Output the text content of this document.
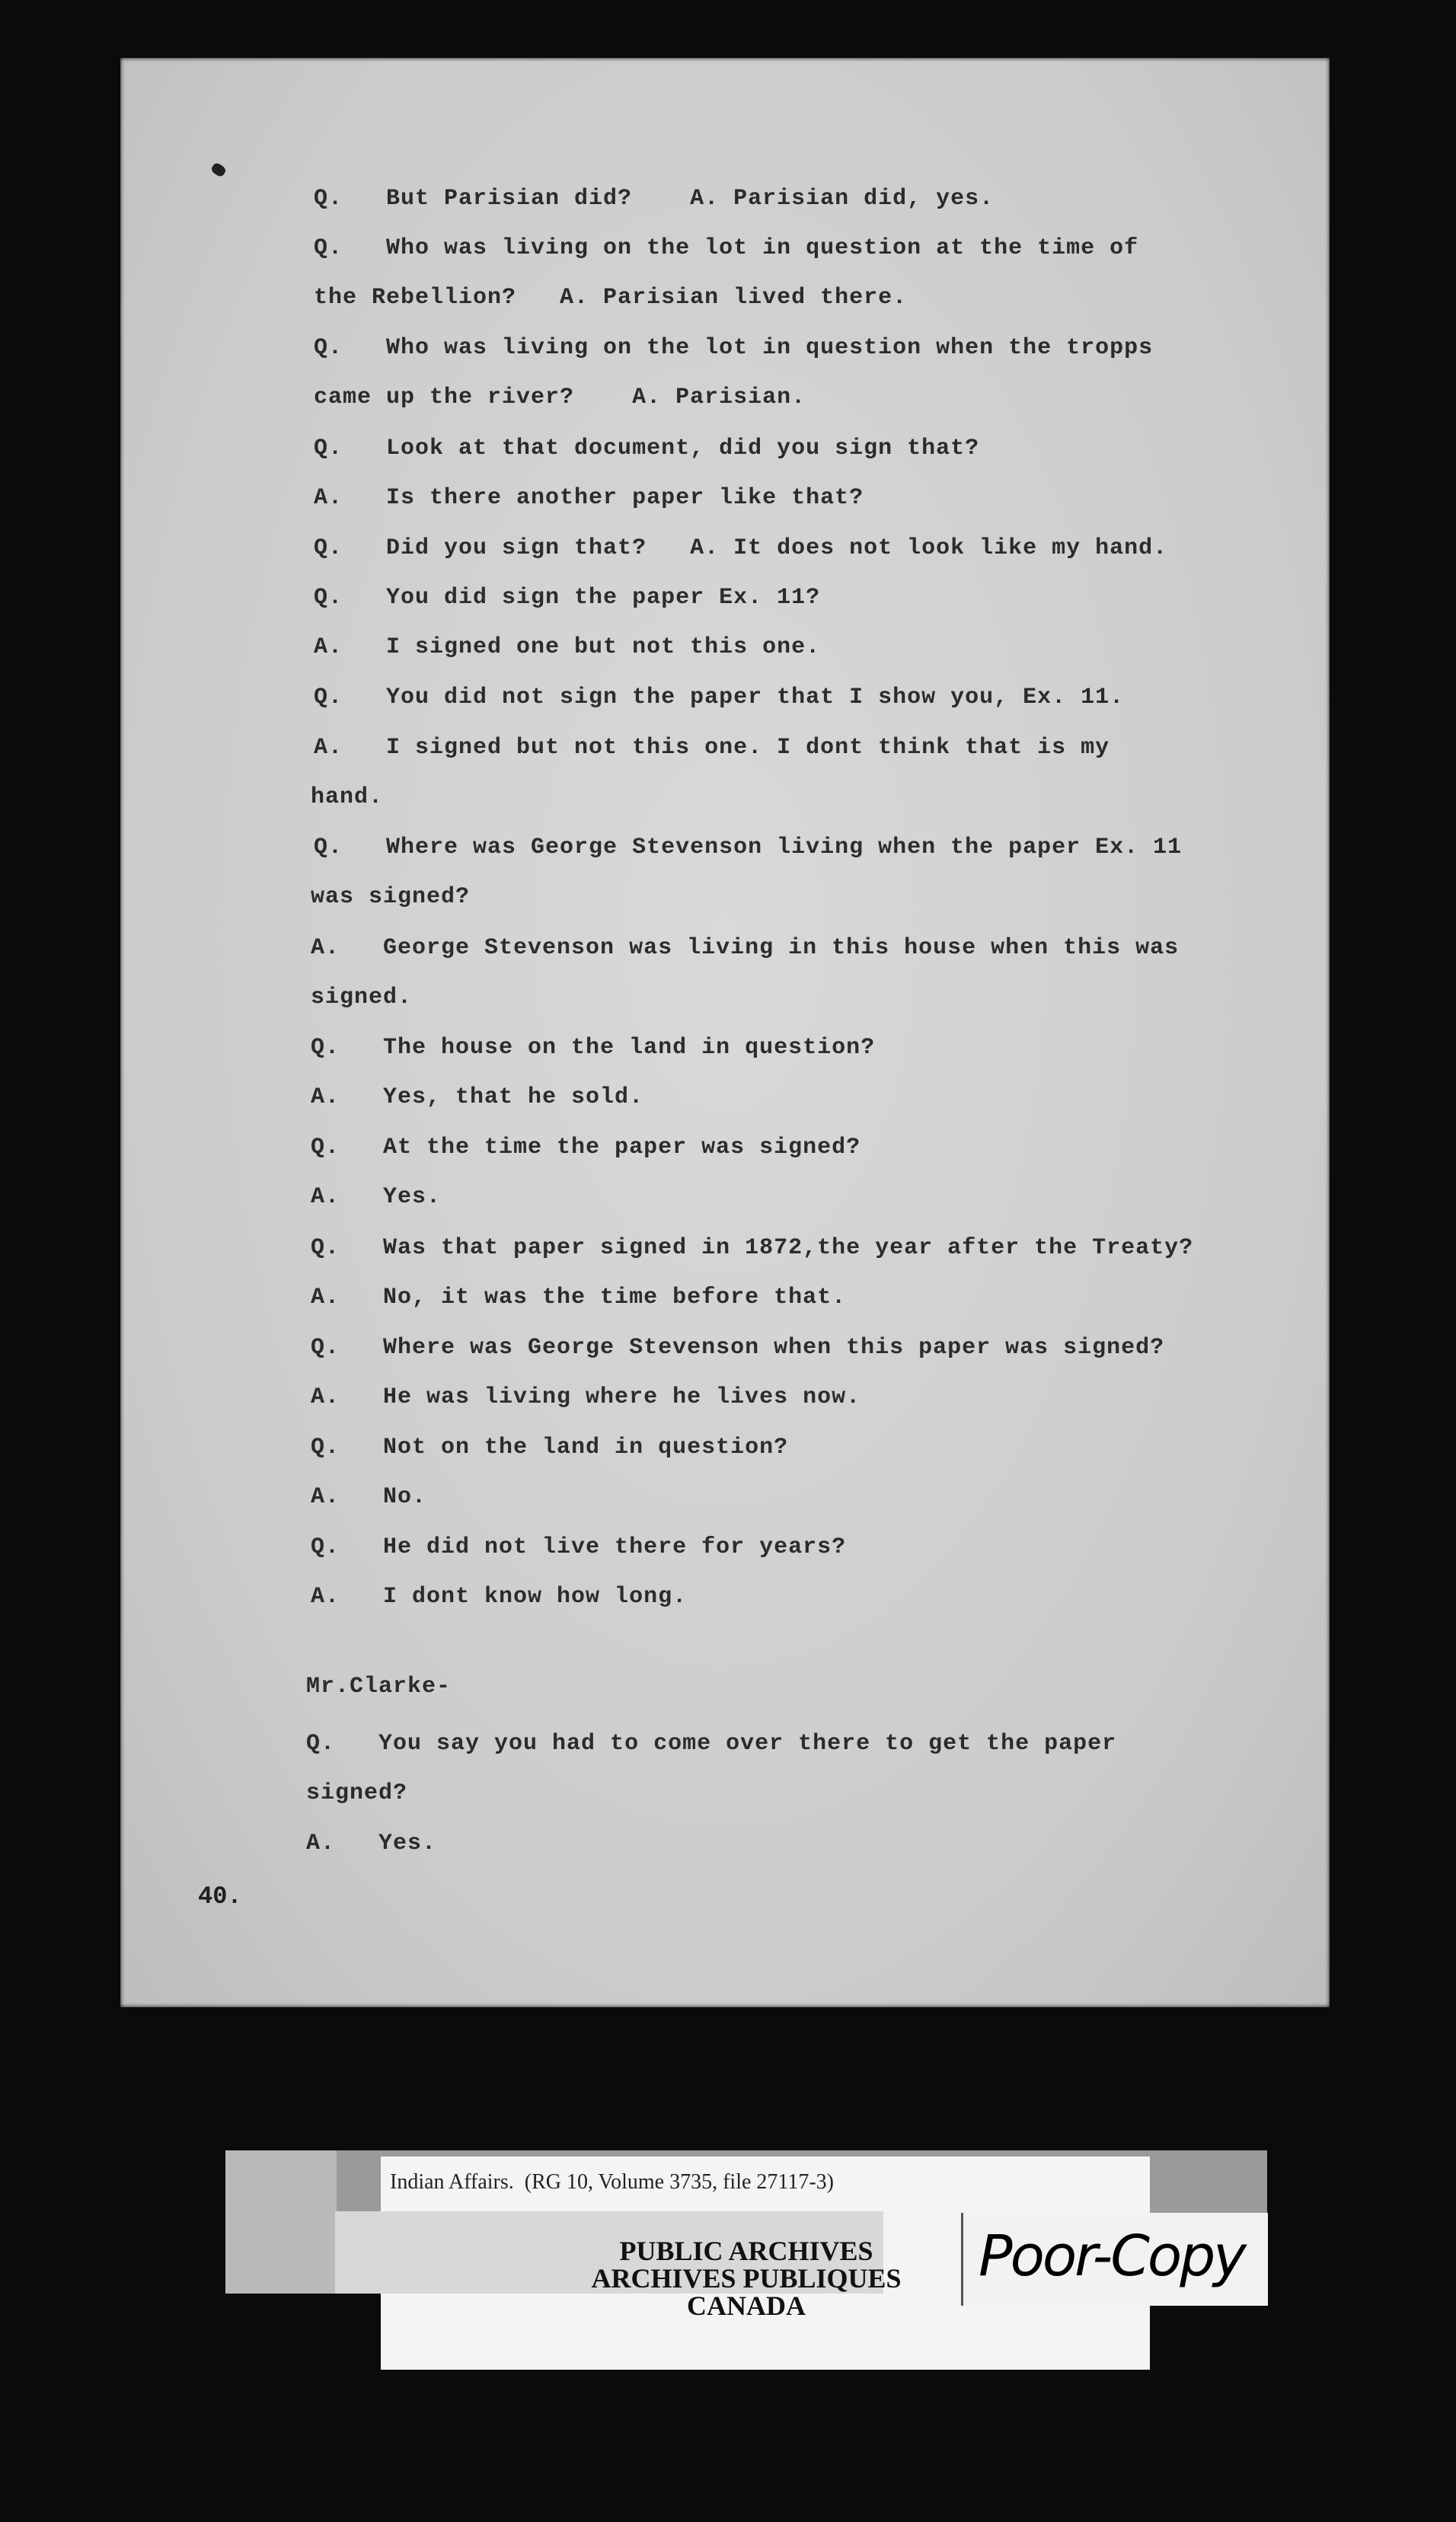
Q.   But Parisian did?    A. Parisian did, yes.
Q.   Who was living on the lot in question at the time of
the Rebellion?   A. Parisian lived there.
Q.   Who was living on the lot in question when the tropps
came up the river?    A. Parisian.
Q.   Look at that document, did you sign that?
A.   Is there another paper like that?
Q.   Did you sign that?   A. It does not look like my hand.
Q.   You did sign the paper Ex. 11?
A.   I signed one but not this one.
Q.   You did not sign the paper that I show you, Ex. 11.
A.   I signed but not this one. I dont think that is my
hand.
Q.   Where was George Stevenson living when the paper Ex. 11
was signed?
A.   George Stevenson was living in this house when this was
signed.
Q.   The house on the land in question?
A.   Yes, that he sold.
Q.   At the time the paper was signed?
A.   Yes.
Q.   Was that paper signed in 1872,the year after the Treaty?
A.   No, it was the time before that.
Q.   Where was George Stevenson when this paper was signed?
A.   He was living where he lives now.
Q.   Not on the land in question?
A.   No.
Q.   He did not live there for years?
A.   I dont know how long.
Mr.Clarke-
Q.   You say you had to come over there to get the paper
signed?
A.   Yes.
40.
Indian Affairs.  (RG 10, Volume 3735, file 27117-3)
PUBLIC ARCHIVES
ARCHIVES PUBLIQUES
CANADA
Poor-Copy
